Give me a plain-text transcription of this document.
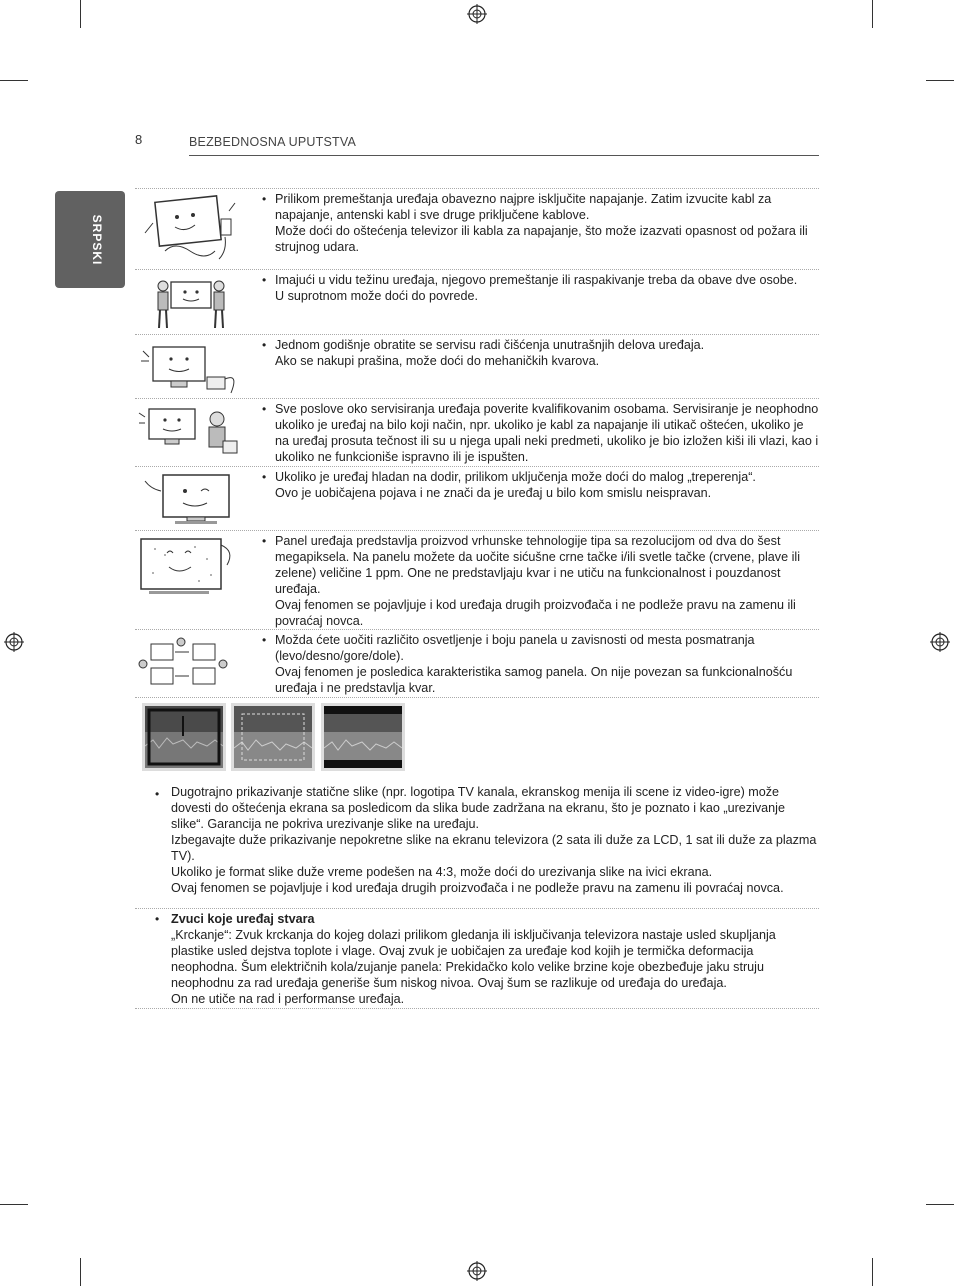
8	BEZBEDNOSNA UPUTSTVA
SRPSKI
• Prilikom premeštanja uređaja obavezno najpre isključite napajanje. Zatim izvucite kabl za napajanje, antenski kabl i sve druge priključene kablove.

Može doći do oštećenja televizor ili kabla za napajanje, što može izazvati opasnost od požara ili strujnog udara.

• Imajući u vidu težinu uređaja, njegovo premeštanje ili raspakivanje treba da obave dve osobe.

U suprotnom može doći do povrede.

• Jednom godišnje obratite se servisu radi čišćenja unutrašnjih delova uređaja.

Ako se nakupi prašina, može doći do mehaničkih kvarova.

• Sve poslove oko servisiranja uređaja poverite kvalifikovanim osobama. Servisiranje je neophodno ukoliko je uređaj na bilo koji način, npr. ukoliko je kabl za napajanje ili utikač oštećen, ukoliko je na uređaj prosuta tečnost ili su u njega upali neki predmeti, ukoliko je bio izložen kiši ili vlazi, kao i ukoliko ne funkcioniše ispravno ili je ispušten.

• Ukoliko je uređaj hladan na dodir, prilikom uključenja može doći do malog „treperenja“.

Ovo je uobičajena pojava i ne znači da je uređaj u bilo kom smislu neispravan.

• Panel uređaja predstavlja proizvod vrhunske tehnologije tipa sa rezolucijom od dva do šest megapiksela. Na panelu možete da uočite sićušne crne tačke i/ili svetle tačke (crvene, plave ili zelene) veličine 1 ppm. One ne predstavljaju kvar i ne utiču na funkcionalnost i pouzdanost uređaja.

Ovaj fenomen se pojavljuje i kod uređaja drugih proizvođača i ne podleže pravu na zamenu ili povraćaj novca.

• Možda ćete uočiti različito osvetljenje i boju panela u zavisnosti od mesta posmatranja (levo/desno/gore/dole).

Ovaj fenomen je posledica karakteristika samog panela. On nije povezan sa funkcionalnošću uređaja i ne predstavlja kvar.

• Dugotrajno prikazivanje statične slike (npr. logotipa TV kanala, ekranskog menija ili scene iz video-igre) može dovesti do oštećenja ekrana sa posledicom da slika bude zadržana na ekranu, što je poznato i kao „urezivanje slike“. Garancija ne pokriva urezivanje slike na uređaju.

Izbegavajte duže prikazivanje nepokretne slike na ekranu televizora (2 sata ili duže za LCD, 1 sat ili duže za plazma TV).

Ukoliko je format slike duže vreme podešen na 4:3, može doći do urezivanja slike na ivici ekrana.

Ovaj fenomen se pojavljuje i kod uređaja drugih proizvođača i ne podleže pravu na zamenu ili povraćaj novca.

• Zvuci koje uređaj stvara

„Krckanje“: Zvuk krckanja do kojeg dolazi prilikom gledanja ili isključivanja televizora nastaje usled skupljanja plastike usled dejstva toplote i vlage. Ovaj zvuk je uobičajen za uređaje kod kojih je termička deformacija neophodna. Šum električnih kola/zujanje panela: Prekidačko kolo velike brzine koje obezbeđuje jaku struju neophodnu za rad uređaja generiše šum niskog nivoa. Ovaj šum se razlikuje od uređaja do uređaja.

On ne utiče na rad i performanse uređaja.
